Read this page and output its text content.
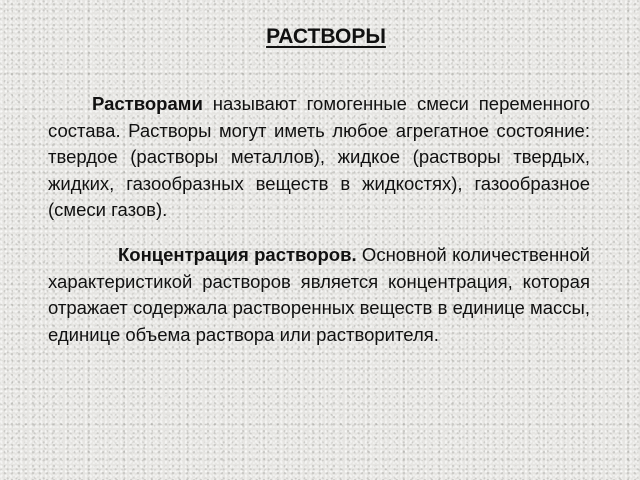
РАСТВОРЫ

Растворами называют гомогенные смеси переменного состава. Растворы могут иметь любое агрегатное состояние: твердое (растворы металлов), жидкое (растворы твердых, жидких, газообразных веществ в жидкостях), газообразное (смеси газов).

Концентрация растворов. Основной количественной характеристикой растворов является концентрация, которая отражает содержала растворенных веществ в единице массы, единице объема раствора или растворителя.
